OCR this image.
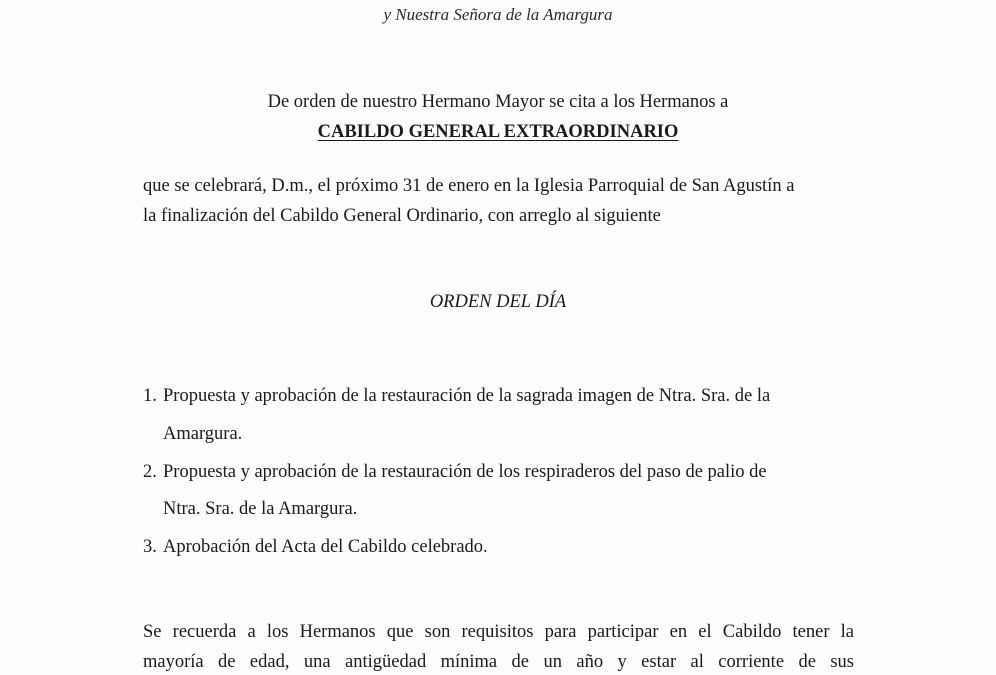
y Nuestra Señora de la Amargura
De orden de nuestro Hermano Mayor se cita a los Hermanos a
CABILDO GENERAL EXTRAORDINARIO
que se celebrará, D.m., el próximo 31 de enero en la Iglesia Parroquial de San Agustín a
la finalización del Cabildo General Ordinario, con arreglo al siguiente
ORDEN DEL DÍA
1. Propuesta y aprobación de la restauración de la sagrada imagen de Ntra. Sra. de la
Amargura.
2. Propuesta y aprobación de la restauración de los respiraderos del paso de palio de
Ntra. Sra. de la Amargura.
3. Aprobación del Acta del Cabildo celebrado.
Se recuerda a los Hermanos que son requisitos para participar en el Cabildo tener la
mayoría de edad, una antigüedad mínima de un año y estar al corriente de sus
